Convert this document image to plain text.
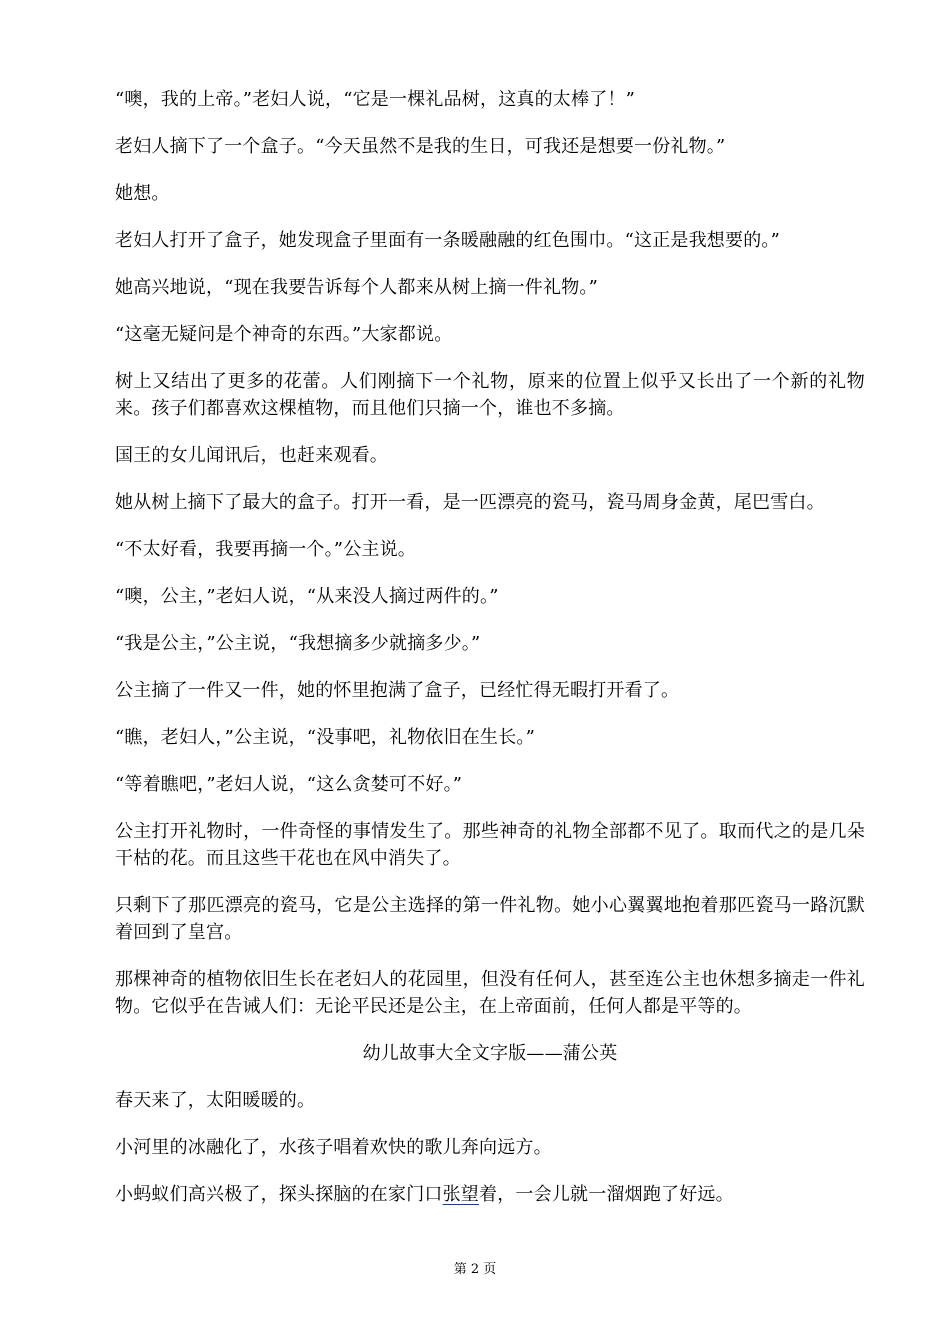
“噢，我的上帝。”老妇人说，“它是一棵礼品树，这真的太棒了！”

老妇人摘下了一个盒子。“今天虽然不是我的生日，可我还是想要一份礼物。”

她想。

老妇人打开了盒子，她发现盒子里面有一条暖融融的红色围巾。“这正是我想要的。”

她高兴地说，“现在我要告诉每个人都来从树上摘一件礼物。”

“这毫无疑问是个神奇的东西。”大家都说。

树上又结出了更多的花蕾。人们刚摘下一个礼物，原来的位置上似乎又长出了一个新的礼物来。孩子们都喜欢这棵植物，而且他们只摘一个，谁也不多摘。

国王的女儿闻讯后，也赶来观看。

她从树上摘下了最大的盒子。打开一看，是一匹漂亮的瓷马，瓷马周身金黄，尾巴雪白。

“不太好看，我要再摘一个。”公主说。

“噢，公主，”老妇人说，“从来没人摘过两件的。”

“我是公主，”公主说，“我想摘多少就摘多少。”

公主摘了一件又一件，她的怀里抱满了盒子，已经忙得无暇打开看了。

“瞧，老妇人，”公主说，“没事吧，礼物依旧在生长。”

“等着瞧吧，”老妇人说，“这么贪婪可不好。”

公主打开礼物时，一件奇怪的事情发生了。那些神奇的礼物全部都不见了。取而代之的是几朵干枯的花。而且这些干花也在风中消失了。

只剩下了那匹漂亮的瓷马，它是公主选择的第一件礼物。她小心翼翼地抱着那匹瓷马一路沉默着回到了皇宫。

那棵神奇的植物依旧生长在老妇人的花园里，但没有任何人，甚至连公主也休想多摘走一件礼物。它似乎在告诫人们：无论平民还是公主，在上帝面前，任何人都是平等的。

幼儿故事大全文字版——蒲公英

春天来了，太阳暖暖的。

小河里的冰融化了，水孩子唱着欢快的歌儿奔向远方。

小蚂蚁们高兴极了，探头探脑的在家门口张望着，一会儿就一溜烟跑了好远。

第 2 页
